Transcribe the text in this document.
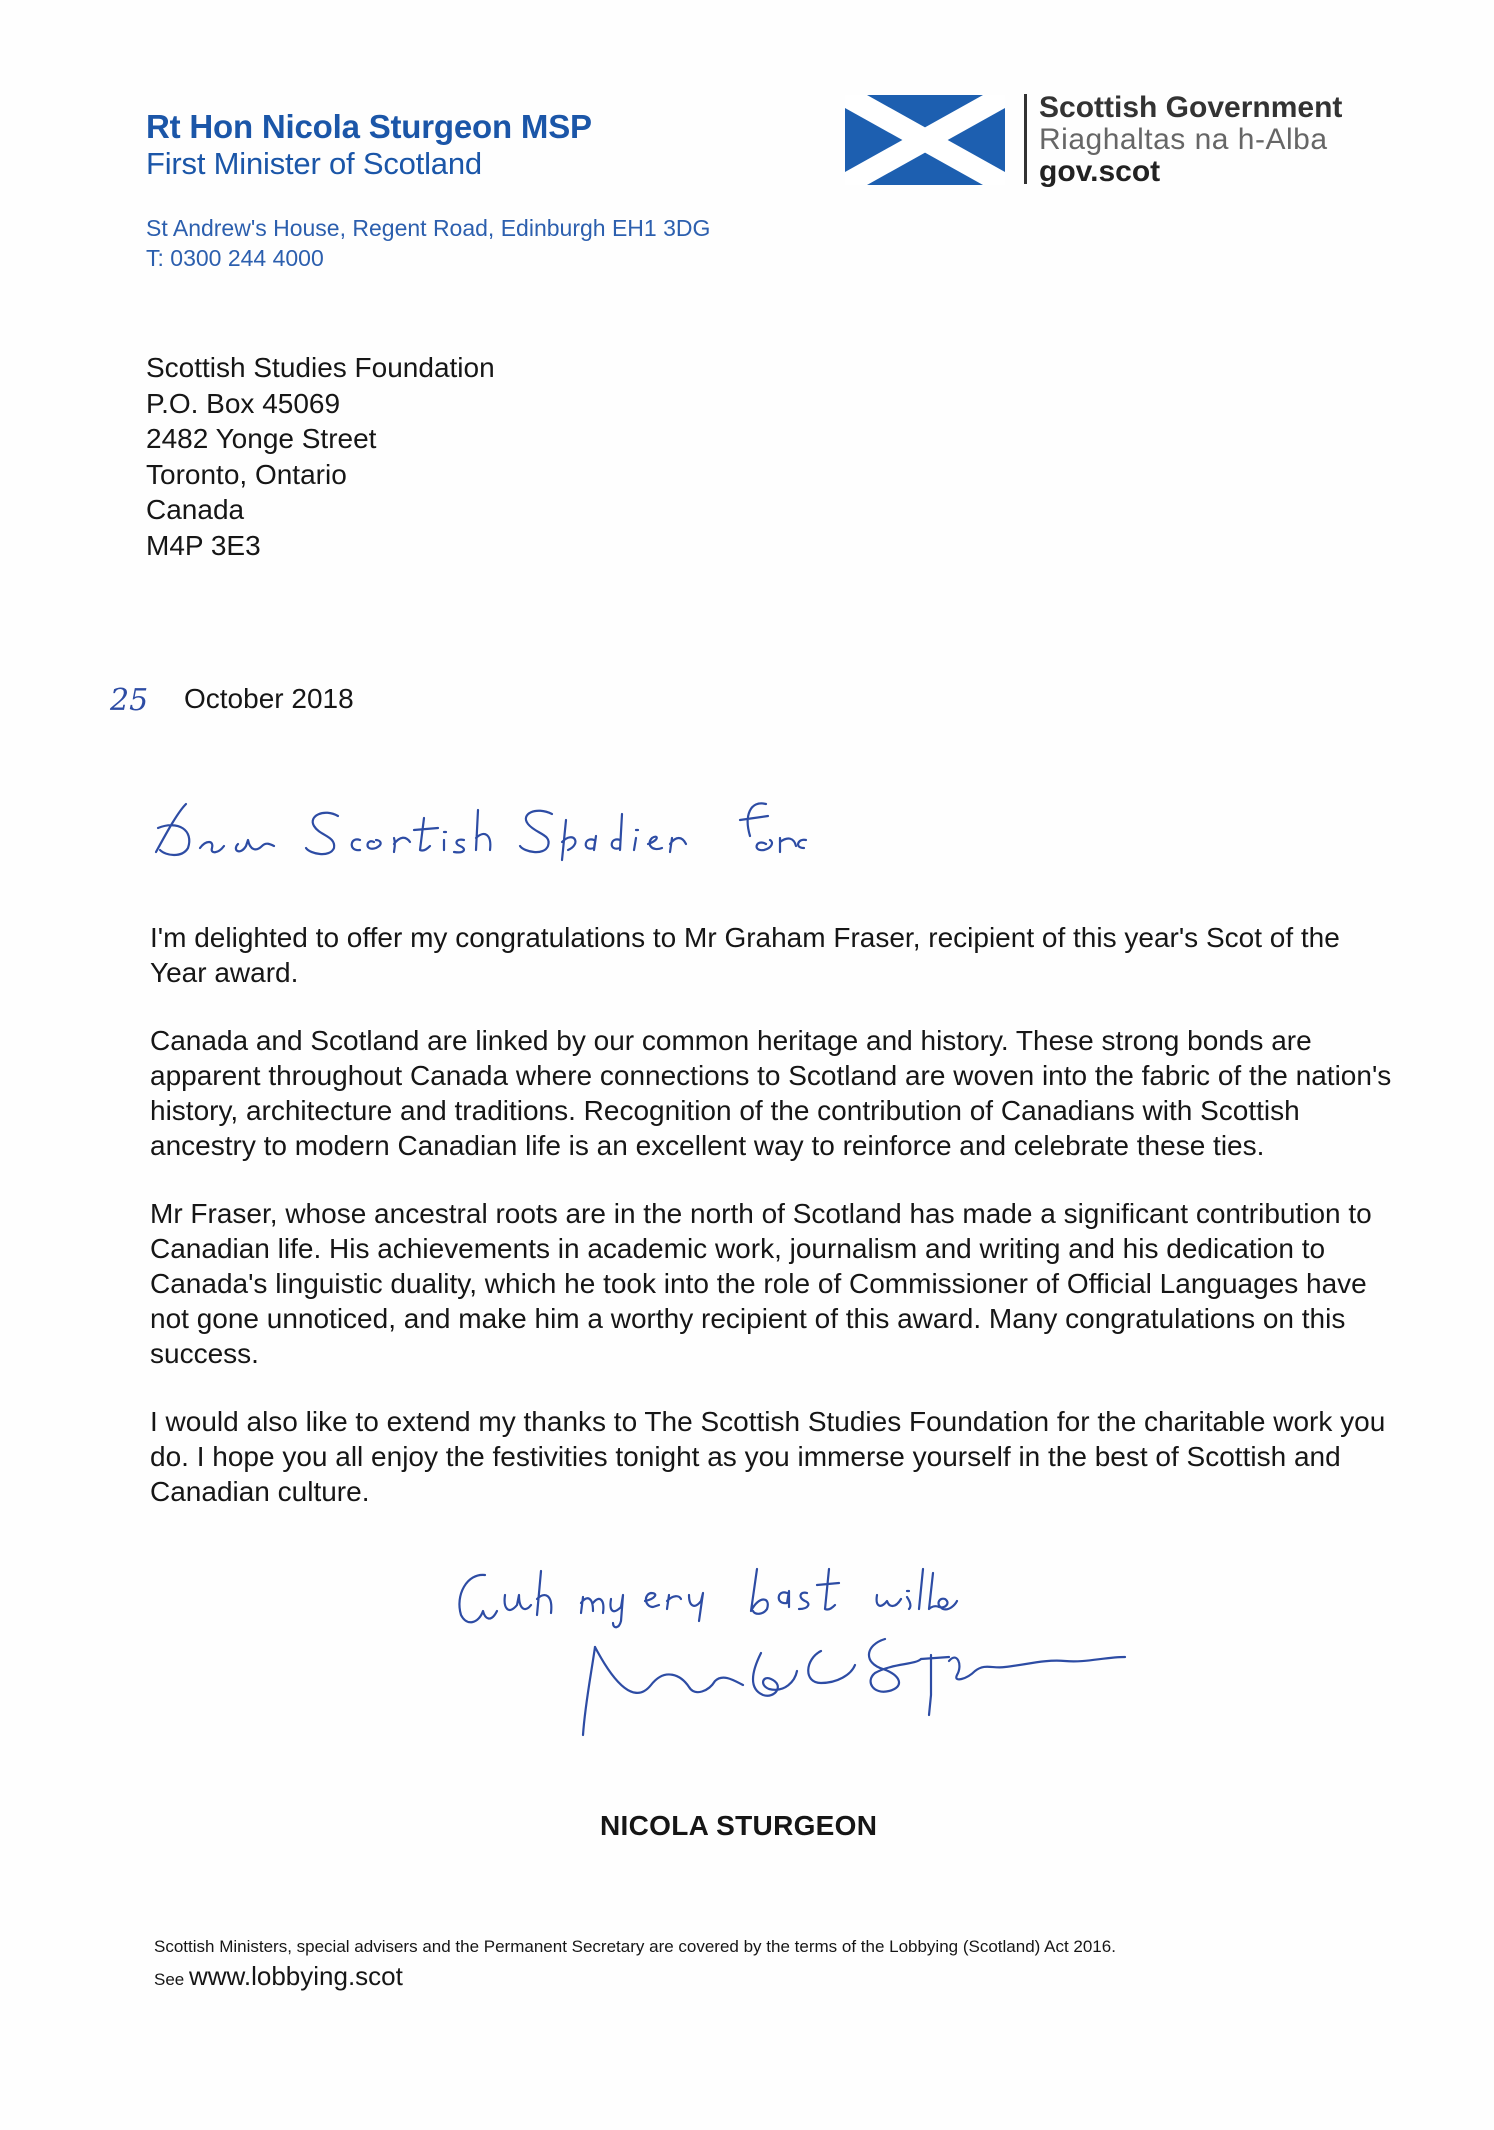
Rt Hon Nicola Sturgeon MSP
First Minister of Scotland
St Andrew's House, Regent Road, Edinburgh EH1 3DG
T: 0300 244 4000
Scottish Government
Riaghaltas na h-Alba
gov.scot
Scottish Studies Foundation
P.O. Box 45069
2482 Yonge Street
Toronto, Ontario
Canada
M4P 3E3
25 October 2018

I'm delighted to offer my congratulations to Mr Graham Fraser, recipient of this year's Scot of the Year award.

Canada and Scotland are linked by our common heritage and history. These strong bonds are apparent throughout Canada where connections to Scotland are woven into the fabric of the nation's history, architecture and traditions. Recognition of the contribution of Canadians with Scottish ancestry to modern Canadian life is an excellent way to reinforce and celebrate these ties.

Mr Fraser, whose ancestral roots are in the north of Scotland has made a significant contribution to Canadian life. His achievements in academic work, journalism and writing and his dedication to Canada's linguistic duality, which he took into the role of Commissioner of Official Languages have not gone unnoticed, and make him a worthy recipient of this award. Many congratulations on this success.

I would also like to extend my thanks to The Scottish Studies Foundation for the charitable work you do. I hope you all enjoy the festivities tonight as you immerse yourself in the best of Scottish and Canadian culture.

NICOLA STURGEON
Scottish Ministers, special advisers and the Permanent Secretary are covered by the terms of the Lobbying (Scotland) Act 2016.
See www.lobbying.scot
